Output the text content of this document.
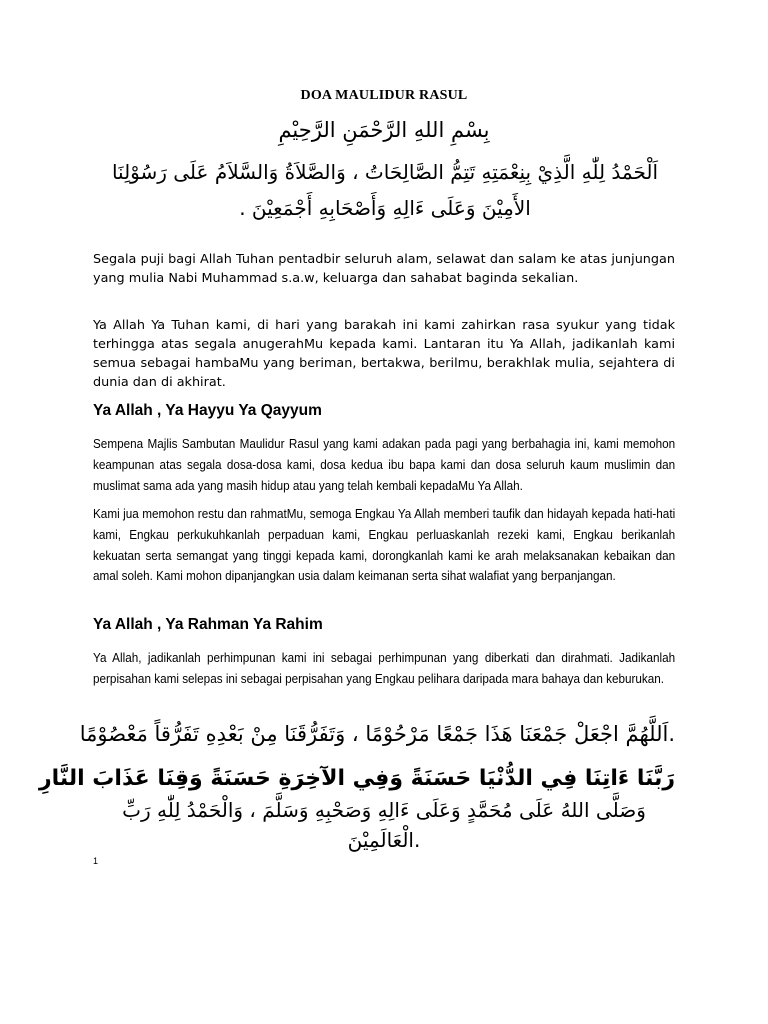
DOA MAULIDUR RASUL
بِسْمِ اللهِ الرَّحْمَنِ الرَّحِيْمِ
اَلْحَمْدُ لِلّٰهِ الَّذِيْ بِنِعْمَتِهِ تَتِمُّ الصَّالِحَاتُ ، وَالصَّلاَةُ وَالسَّلاَمُ عَلَى رَسُوْلِنَا
الأَمِيْنَ وَعَلَى ءَالِهِ وَأَصْحَابِهِ أَجْمَعِيْنَ .

Segala puji bagi Allah Tuhan pentadbir seluruh alam, selawat dan salam ke atas junjungan yang mulia Nabi Muhammad s.a.w, keluarga dan sahabat baginda sekalian.

Ya Allah Ya Tuhan kami, di hari yang barakah ini kami zahirkan rasa syukur yang tidak terhingga atas segala anugerahMu kepada kami. Lantaran itu Ya Allah, jadikanlah kami semua sebagai hambaMu yang beriman, bertakwa, berilmu, berakhlak mulia, sejahtera di dunia dan di akhirat.

Ya Allah , Ya Hayyu Ya Qayyum

Sempena Majlis Sambutan Maulidur Rasul yang kami adakan pada pagi yang berbahagia ini, kami memohon keampunan atas segala dosa-dosa kami, dosa kedua ibu bapa kami dan dosa seluruh kaum muslimin dan muslimat sama ada yang masih hidup atau yang telah kembali kepadaMu Ya Allah.

Kami jua memohon restu dan rahmatMu, semoga Engkau Ya Allah memberi taufik dan hidayah kepada hati-hati kami, Engkau perkukuhkanlah perpaduan kami, Engkau perluaskanlah rezeki kami, Engkau berikanlah kekuatan serta semangat yang tinggi kepada kami, dorongkanlah kami ke arah melaksanakan kebaikan dan amal soleh. Kami mohon dipanjangkan usia dalam keimanan serta sihat walafiat yang berpanjangan.

Ya Allah , Ya Rahman Ya Rahim

Ya Allah, jadikanlah perhimpunan kami ini sebagai perhimpunan yang diberkati dan dirahmati. Jadikanlah perpisahan kami selepas ini sebagai perpisahan yang Engkau pelihara daripada mara bahaya dan keburukan.

.اَللَّهُمَّ اجْعَلْ جَمْعَنَا هَذَا جَمْعًا مَرْحُوْمًا ، وَتَفَرُّقَنَا مِنْ بَعْدِهِ تَفَرُّقاً مَعْصُوْمًا
رَبَّنَا ءَاتِنَا فِي الدُّنْيَا حَسَنَةً وَفِي الآخِرَةِ حَسَنَةً وَقِنَا عَذَابَ النَّارِ
وَصَلَّى اللهُ عَلَى مُحَمَّدٍ وَعَلَى ءَالِهِ وَصَحْبِهِ وَسَلَّمَ ، وَالْحَمْدُ لِلّٰهِ رَبِّ
.الْعَالَمِيْنَ
1
